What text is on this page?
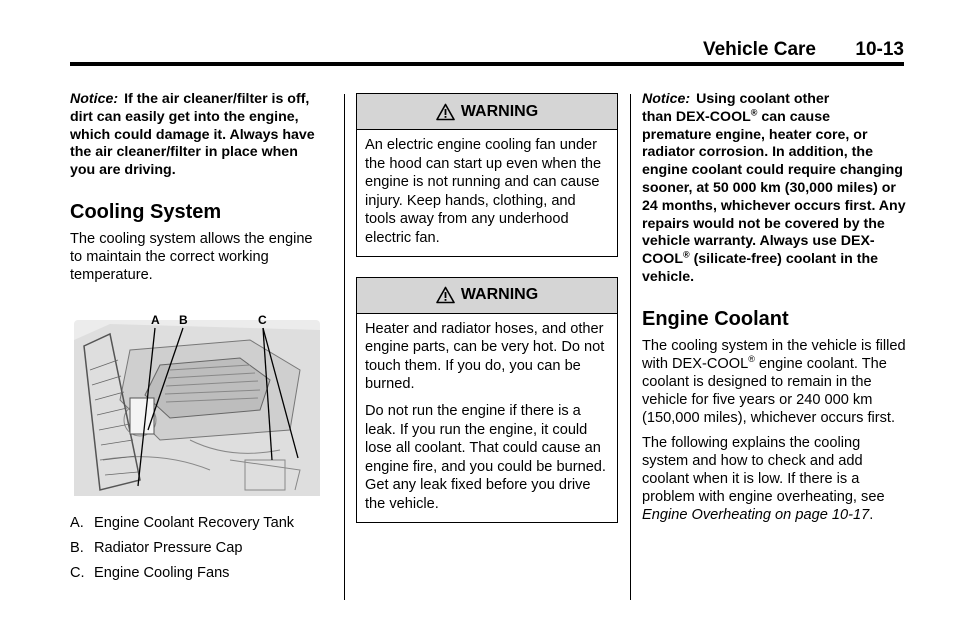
Vehicle Care 10-13
Notice: If the air cleaner/filter is off, dirt can easily get into the engine, which could damage it. Always have the air cleaner/filter in place when you are driving.
Cooling System
The cooling system allows the engine to maintain the correct working temperature.
A B	C
A. Engine Coolant Recovery Tank
B. Radiator Pressure Cap
C. Engine Cooling Fans
WARNING

An electric engine cooling fan under the hood can start up even when the engine is not running and can cause injury. Keep hands, clothing, and tools away from any underhood electric fan.

WARNING

Heater and radiator hoses, and other engine parts, can be very hot. Do not touch them. If you do, you can be burned.

Do not run the engine if there is a leak. If you run the engine, it could lose all coolant. That could cause an engine fire, and you could be burned. Get any leak fixed before you drive the vehicle.

Notice: Using coolant other
than DEX-COOL® can cause
premature engine, heater core, or radiator corrosion. In addition, the engine coolant could require changing sooner, at 50 000 km (30,000 miles) or 24 months, whichever occurs first. Any repairs would not be covered by the vehicle warranty. Always use DEX-COOL® (silicate-free) coolant in the vehicle.
Engine Coolant

The cooling system in the vehicle is filled with DEX-COOL® engine coolant. The coolant is designed to remain in the vehicle for five years or 240 000 km (150,000 miles), whichever occurs first.

The following explains the cooling system and how to check and add coolant when it is low. If there is a problem with engine overheating, see Engine Overheating on page 10-17.
